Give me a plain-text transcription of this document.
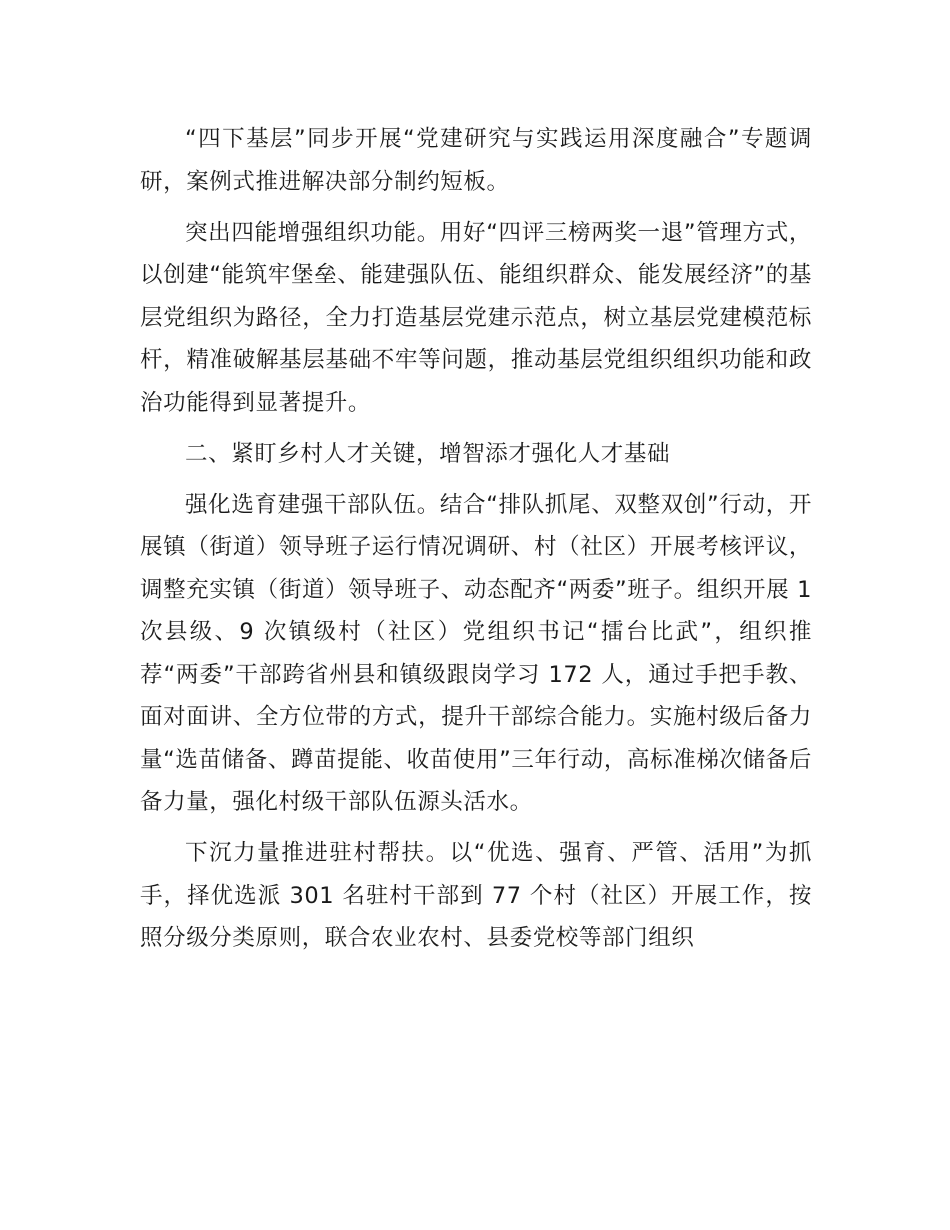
“四下基层”同步开展“党建研究与实践运用深度融合”专题调研，案例式推进解决部分制约短板。

突出四能增强组织功能。用好“四评三榜两奖一退”管理方式，以创建“能筑牢堡垒、能建强队伍、能组织群众、能发展经济”的基层党组织为路径，全力打造基层党建示范点，树立基层党建模范标杆，精准破解基层基础不牢等问题，推动基层党组织组织功能和政治功能得到显著提升。

二、紧盯乡村人才关键，增智添才强化人才基础

强化选育建强干部队伍。结合“排队抓尾、双整双创”行动，开展镇（街道）领导班子运行情况调研、村（社区）开展考核评议，调整充实镇（街道）领导班子、动态配齐“两委”班子。组织开展 1 次县级、9 次镇级村（社区）党组织书记“擂台比武”，组织推荐“两委”干部跨省州县和镇级跟岗学习 172 人，通过手把手教、面对面讲、全方位带的方式，提升干部综合能力。实施村级后备力量“选苗储备、蹲苗提能、收苗使用”三年行动，高标准梯次储备后备力量，强化村级干部队伍源头活水。

下沉力量推进驻村帮扶。以“优选、强育、严管、活用”为抓手，择优选派 301 名驻村干部到 77 个村（社区）开展工作，按照分级分类原则，联合农业农村、县委党校等部门组织
